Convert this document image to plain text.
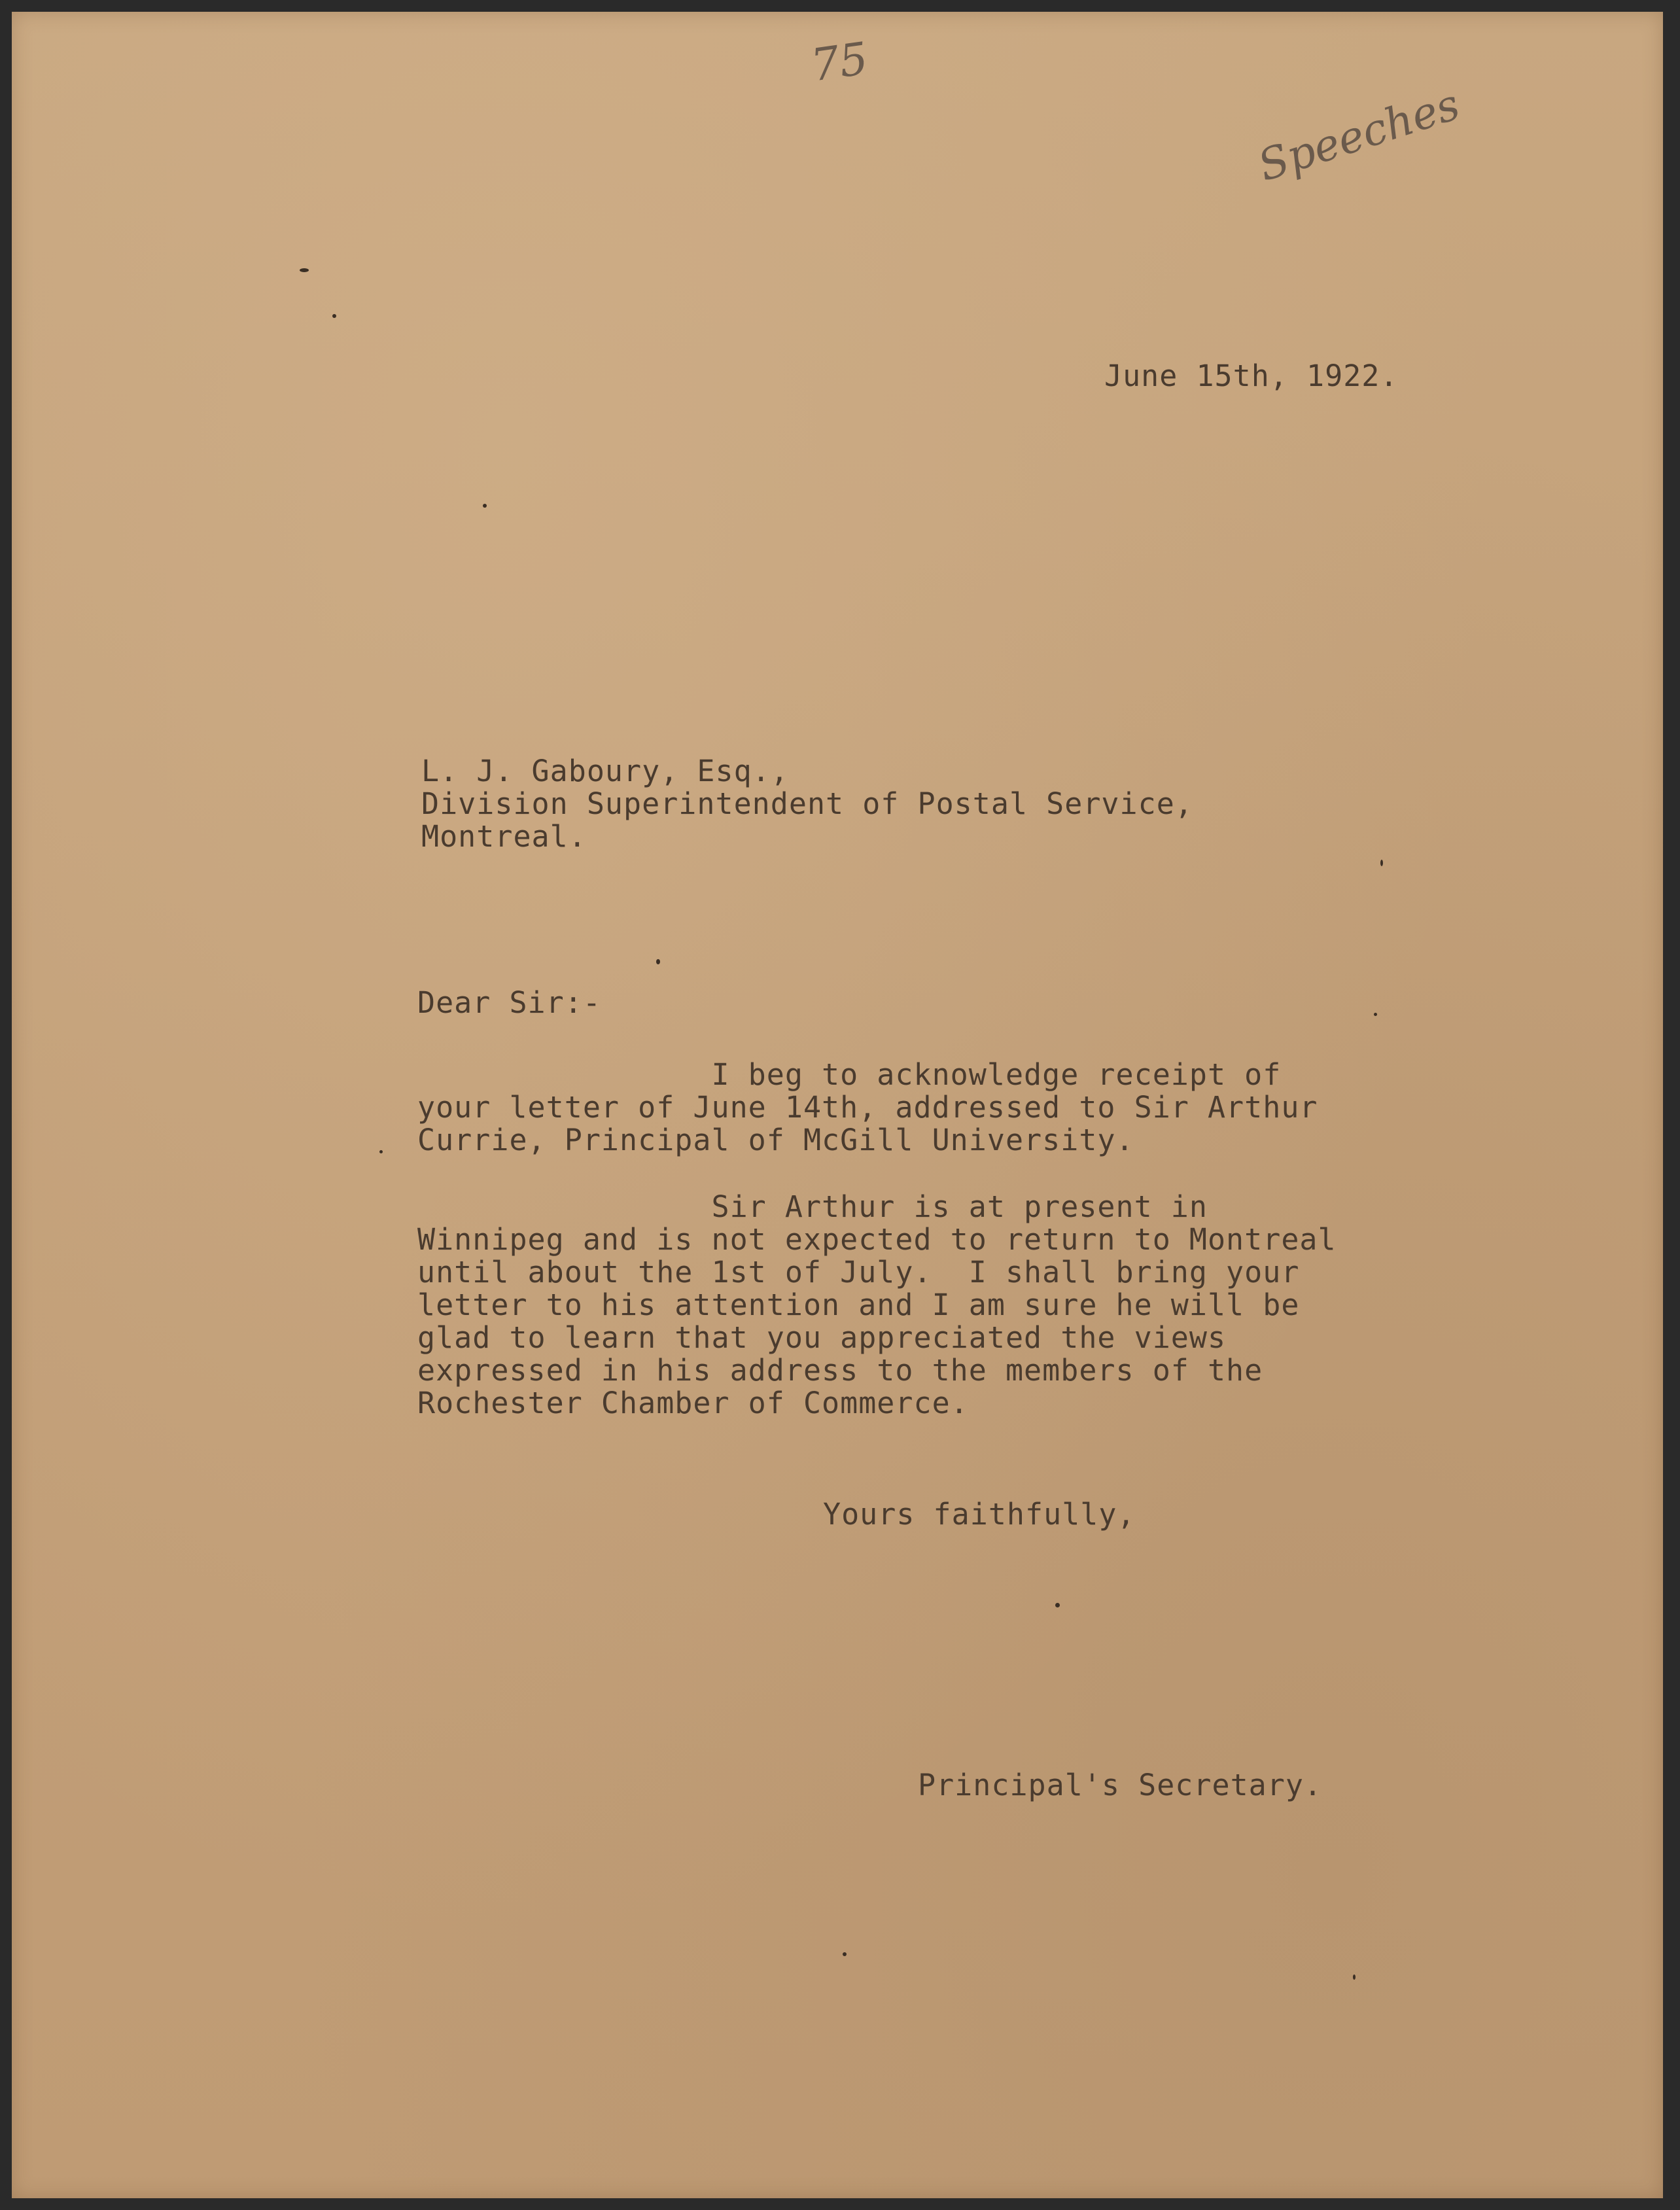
75
Speeches
June 15th, 1922.
L. J. Gaboury, Esq.,
Division Superintendent of Postal Service,
Montreal.
Dear Sir:-
I beg to acknowledge receipt of
your letter of June 14th, addressed to Sir Arthur
Currie, Principal of McGill University.
Sir Arthur is at present in
Winnipeg and is not expected to return to Montreal
until about the 1st of July.  I shall bring your
letter to his attention and I am sure he will be
glad to learn that you appreciated the views
expressed in his address to the members of the
Rochester Chamber of Commerce.
Yours faithfully,
Principal's Secretary.
